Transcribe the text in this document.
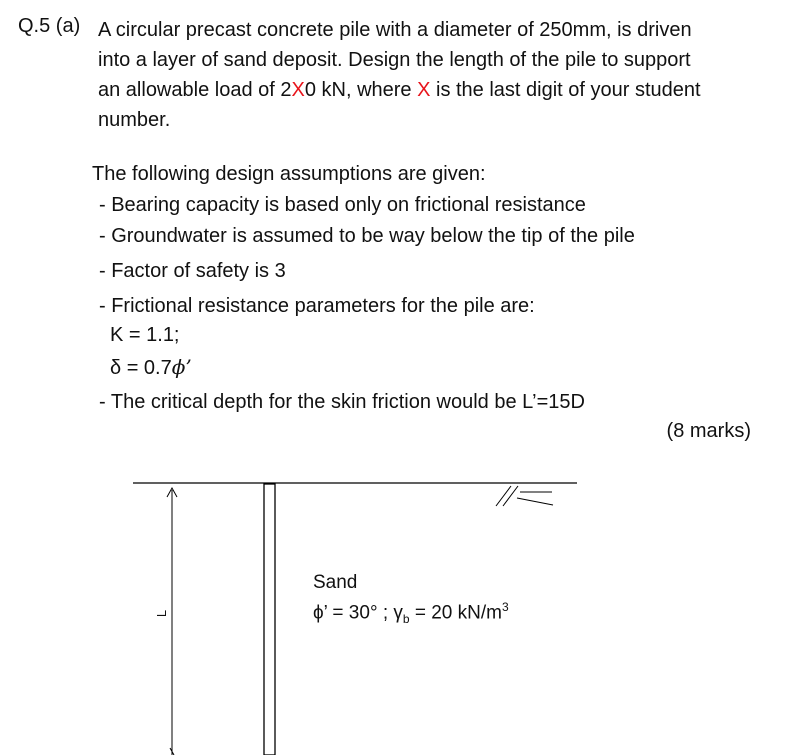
Q.5 (a) A circular precast concrete pile with a diameter of 250mm, is driven
into a layer of sand deposit. Design the length of the pile to support
an allowable load of 2X0 kN, where X is the last digit of your student
number.
The following design assumptions are given:
- Bearing capacity is based only on frictional resistance
- Groundwater is assumed to be way below the tip of the pile
- Factor of safety is 3
- Frictional resistance parameters for the pile are:
K = 1.1;
δ = 0.7ϕ’
- The critical depth for the skin friction would be L’=15D
(8 marks)
L
Sand
ϕ’ = 30° ; $\gamma_b = 20$ $kN/m^3$
